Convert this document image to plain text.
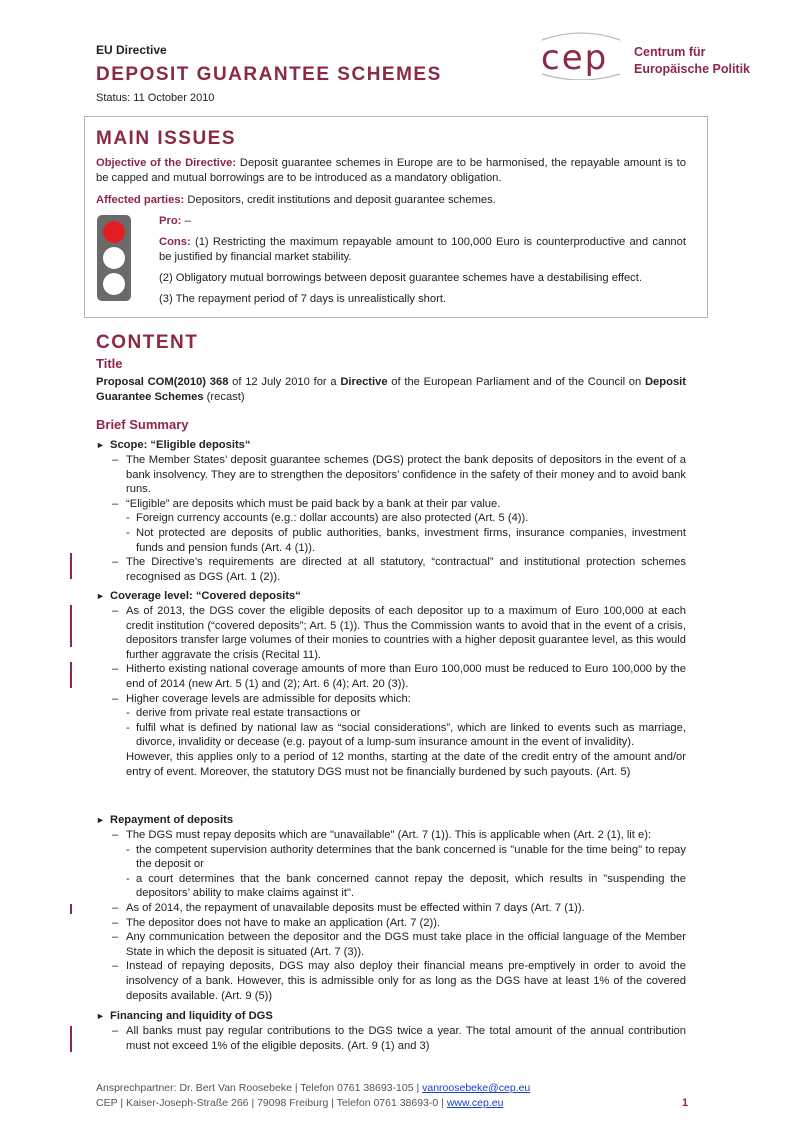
EU Directive
DEPOSIT GUARANTEE SCHEMES
Status: 11 October 2010
cep Centrum für
Europäische Politik
MAIN ISSUES
Objective of the Directive: Deposit guarantee schemes in Europe are to be harmonised, the repayable amount is to be capped and mutual borrowings are to be introduced as a mandatory obligation.
Affected parties: Depositors, credit institutions and deposit guarantee schemes.
Pro: –
Cons: (1) Restricting the maximum repayable amount to 100,000 Euro is counterproductive and cannot be justified by financial market stability.
(2) Obligatory mutual borrowings between deposit guarantee schemes have a destabilising effect.
(3) The repayment period of 7 days is unrealistically short.
CONTENT
Title
Proposal COM(2010) 368 of 12 July 2010 for a Directive of the European Parliament and of the Council on Deposit Guarantee Schemes (recast)
Brief Summary
► Scope: “Eligible deposits“
– The Member States’ deposit guarantee schemes (DGS) protect the bank deposits of depositors in the event of a bank insolvency. They are to strengthen the depositors’ confidence in the safety of their money and to avoid bank runs.
– “Eligible” are deposits which must be paid back by a bank at their par value.
- Foreign currency accounts (e.g.: dollar accounts) are also protected (Art. 5 (4)).
- Not protected are deposits of public authorities, banks, investment firms, insurance companies, investment funds and pension funds (Art. 4 (1)).
– The Directive’s requirements are directed at all statutory, “contractual” and institutional protection schemes recognised as DGS (Art. 1 (2)).
► Coverage level: “Covered deposits“
– As of 2013, the DGS cover the eligible deposits of each depositor up to a maximum of Euro 100,000 at each credit institution (“covered deposits”; Art. 5 (1)). Thus the Commission wants to avoid that in the event of a crisis, depositors transfer large volumes of their monies to countries with a higher deposit guarantee level, as this would further aggravate the crisis (Recital 11).
– Hitherto existing national coverage amounts of more than Euro 100,000 must be reduced to Euro 100,000 by the end of 2014 (new Art. 5 (1) and (2); Art. 6 (4); Art. 20 (3)).
– Higher coverage levels are admissible for deposits which:
- derive from private real estate transactions or
- fulfil what is defined by national law as “social considerations”, which are linked to events such as marriage, divorce, invalidity or decease (e.g. payout of a lump-sum insurance amount in the event of invalidity).
However, this applies only to a period of 12 months, starting at the date of the credit entry of the amount and/or entry of event. Moreover, the statutory DGS must not be financially burdened by such payouts. (Art. 5)
► Repayment of deposits
– The DGS must repay deposits which are "unavailable" (Art. 7 (1)). This is applicable when (Art. 2 (1), lit e):
- the competent supervision authority determines that the bank concerned is "unable for the time being" to repay the deposit or
- a court determines that the bank concerned cannot repay the deposit, which results in "suspending the depositors’ ability to make claims against it".
– As of 2014, the repayment of unavailable deposits must be effected within 7 days (Art. 7 (1)).
– The depositor does not have to make an application (Art. 7 (2)).
– Any communication between the depositor and the DGS must take place in the official language of the Member State in which the deposit is situated (Art. 7 (3)).
– Instead of repaying deposits, DGS may also deploy their financial means pre-emptively in order to avoid the insolvency of a bank. However, this is admissible only for as long as the DGS have at least 1% of the covered deposits available. (Art. 9 (5))
► Financing and liquidity of DGS
– All banks must pay regular contributions to the DGS twice a year. The total amount of the annual contribution must not exceed 1% of the eligible deposits. (Art. 9 (1) and 3)
Ansprechpartner: Dr. Bert Van Roosebeke | Telefon 0761 38693-105 | vanroosebeke@cep.eu
CEP | Kaiser-Joseph-Straße 266 | 79098 Freiburg | Telefon 0761 38693-0 | www.cep.eu	1
